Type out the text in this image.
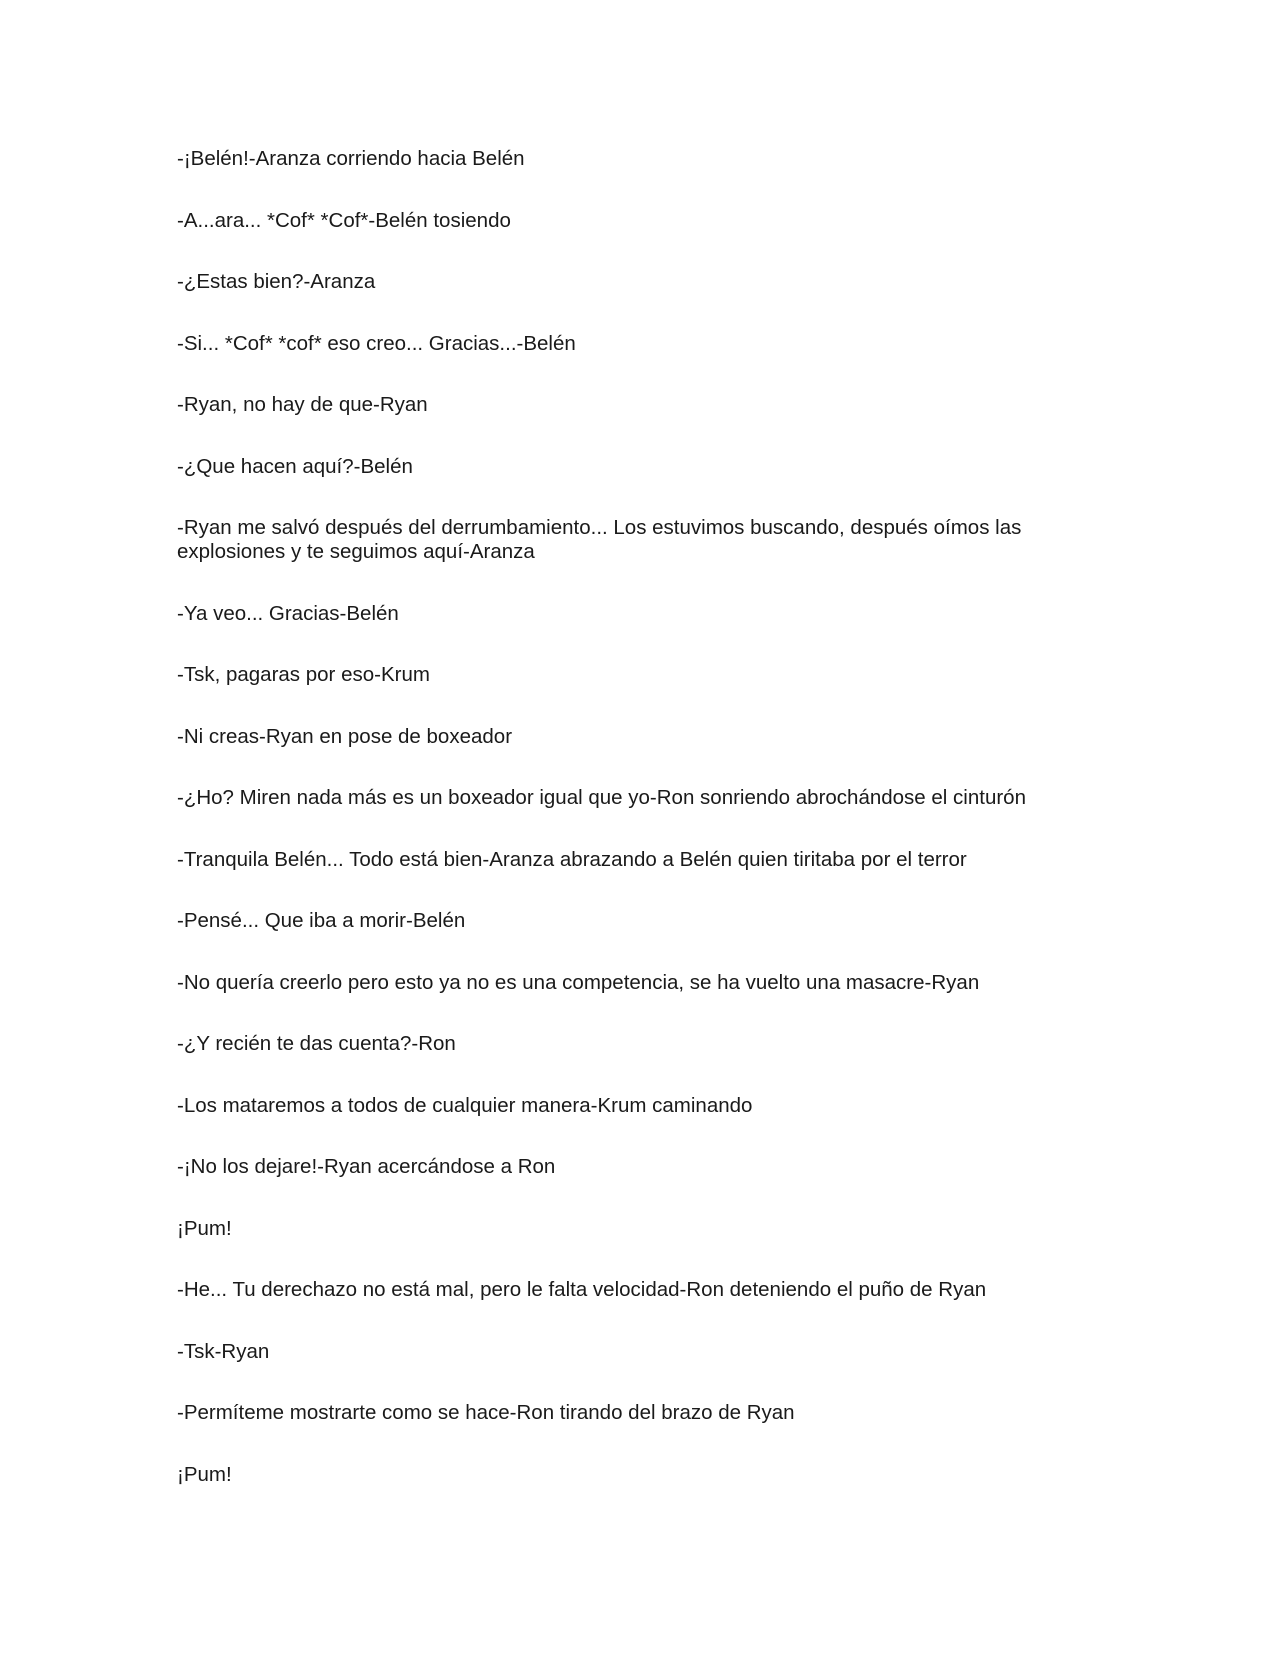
-¡Belén!-Aranza corriendo hacia Belén

-A...ara... *Cof* *Cof*-Belén tosiendo

-¿Estas bien?-Aranza

-Si... *Cof* *cof* eso creo... Gracias...-Belén

-Ryan, no hay de que-Ryan

-¿Que hacen aquí?-Belén

-Ryan me salvó después del derrumbamiento... Los estuvimos buscando, después oímos las explosiones y te seguimos aquí-Aranza

-Ya veo... Gracias-Belén

-Tsk, pagaras por eso-Krum

-Ni creas-Ryan en pose de boxeador

-¿Ho? Miren nada más es un boxeador igual que yo-Ron sonriendo abrochándose el cinturón

-Tranquila Belén... Todo está bien-Aranza abrazando a Belén quien tiritaba por el terror

-Pensé... Que iba a morir-Belén

-No quería creerlo pero esto ya no es una competencia, se ha vuelto una masacre-Ryan

-¿Y recién te das cuenta?-Ron

-Los mataremos a todos de cualquier manera-Krum caminando

-¡No los dejare!-Ryan acercándose a Ron

¡Pum!

-He... Tu derechazo no está mal, pero le falta velocidad-Ron deteniendo el puño de Ryan

-Tsk-Ryan

-Permíteme mostrarte como se hace-Ron tirando del brazo de Ryan

¡Pum!
